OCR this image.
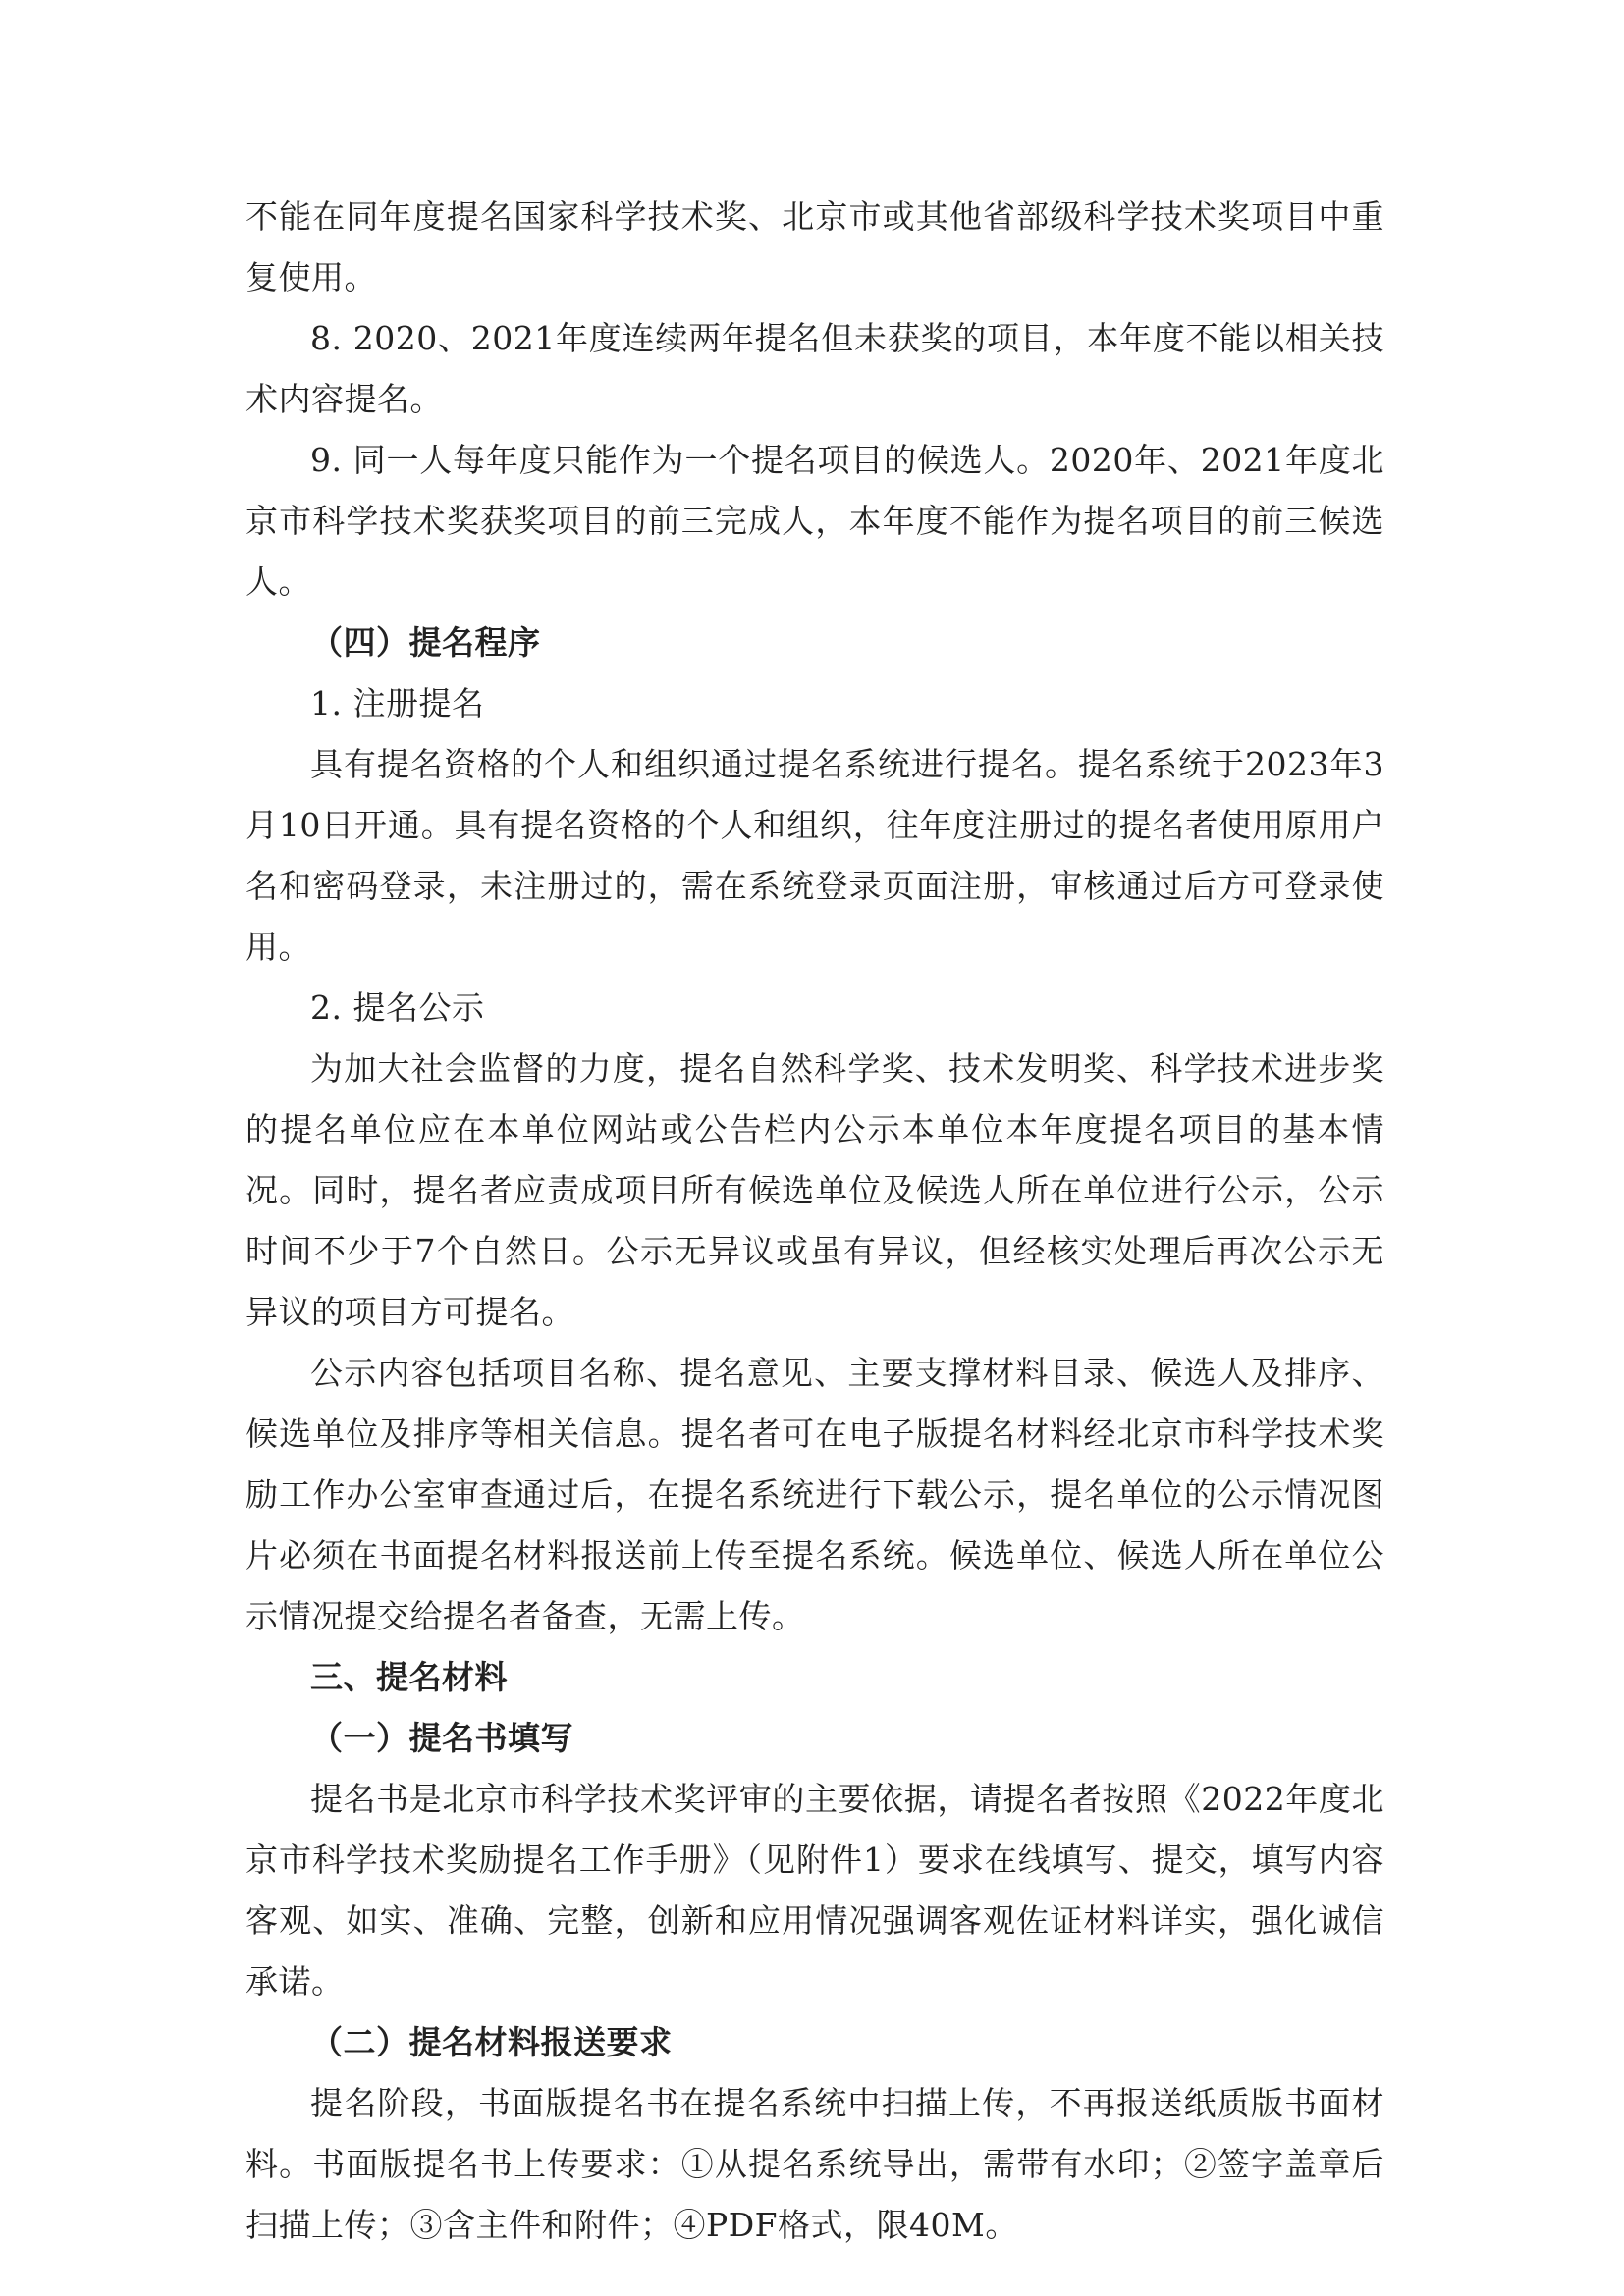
不能在同年度提名国家科学技术奖、北京市或其他省部级科学技术奖项目中重复使用。

8. 2020、2021年度连续两年提名但未获奖的项目，本年度不能以相关技术内容提名。

9. 同一人每年度只能作为一个提名项目的候选人。2020年、2021年度北京市科学技术奖获奖项目的前三完成人，本年度不能作为提名项目的前三候选人。

（四）提名程序

1. 注册提名

具有提名资格的个人和组织通过提名系统进行提名。提名系统于2023年3月10日开通。具有提名资格的个人和组织，往年度注册过的提名者使用原用户名和密码登录，未注册过的，需在系统登录页面注册，审核通过后方可登录使用。

2. 提名公示

为加大社会监督的力度，提名自然科学奖、技术发明奖、科学技术进步奖的提名单位应在本单位网站或公告栏内公示本单位本年度提名项目的基本情况。同时，提名者应责成项目所有候选单位及候选人所在单位进行公示，公示时间不少于7个自然日。公示无异议或虽有异议，但经核实处理后再次公示无异议的项目方可提名。

公示内容包括项目名称、提名意见、主要支撑材料目录、候选人及排序、候选单位及排序等相关信息。提名者可在电子版提名材料经北京市科学技术奖励工作办公室审查通过后，在提名系统进行下载公示，提名单位的公示情况图片必须在书面提名材料报送前上传至提名系统。候选单位、候选人所在单位公示情况提交给提名者备查，无需上传。

三、提名材料

（一）提名书填写

提名书是北京市科学技术奖评审的主要依据，请提名者按照《2022年度北京市科学技术奖励提名工作手册》（见附件1）要求在线填写、提交，填写内容客观、如实、准确、完整，创新和应用情况强调客观佐证材料详实，强化诚信承诺。

（二）提名材料报送要求

提名阶段，书面版提名书在提名系统中扫描上传，不再报送纸质版书面材料。书面版提名书上传要求：①从提名系统导出，需带有水印；②签字盖章后扫描上传；③含主件和附件；④PDF格式，限40M。
